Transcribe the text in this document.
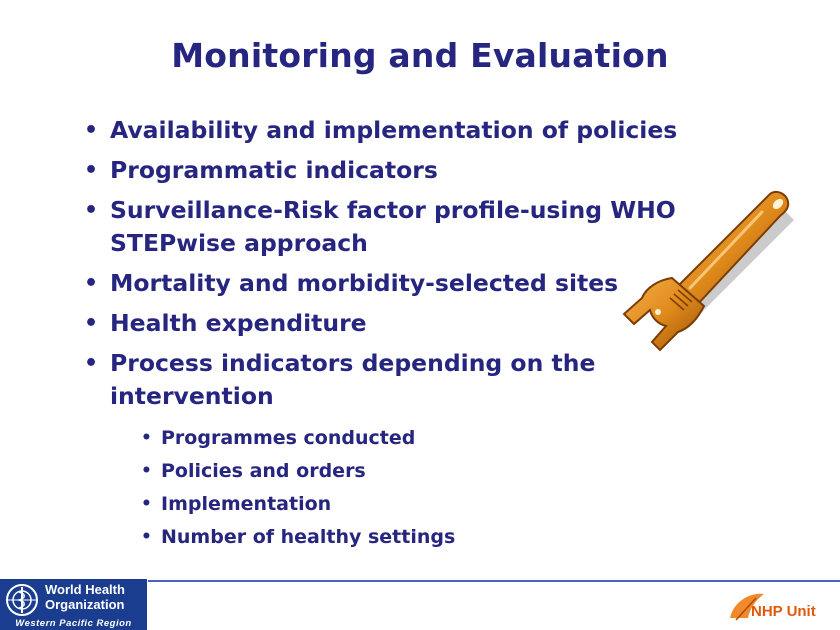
Monitoring and Evaluation
• Availability and implementation of policies
• Programmatic indicators
• Surveillance-Risk factor profile-using WHO STEPwise approach
• Mortality and morbidity-selected sites
• Health expenditure
• Process indicators depending on the intervention
• Programmes conducted
• Policies and orders
• Implementation
• Number of healthy settings
World Health
Organization
Western Pacific Region
NHP Unit
